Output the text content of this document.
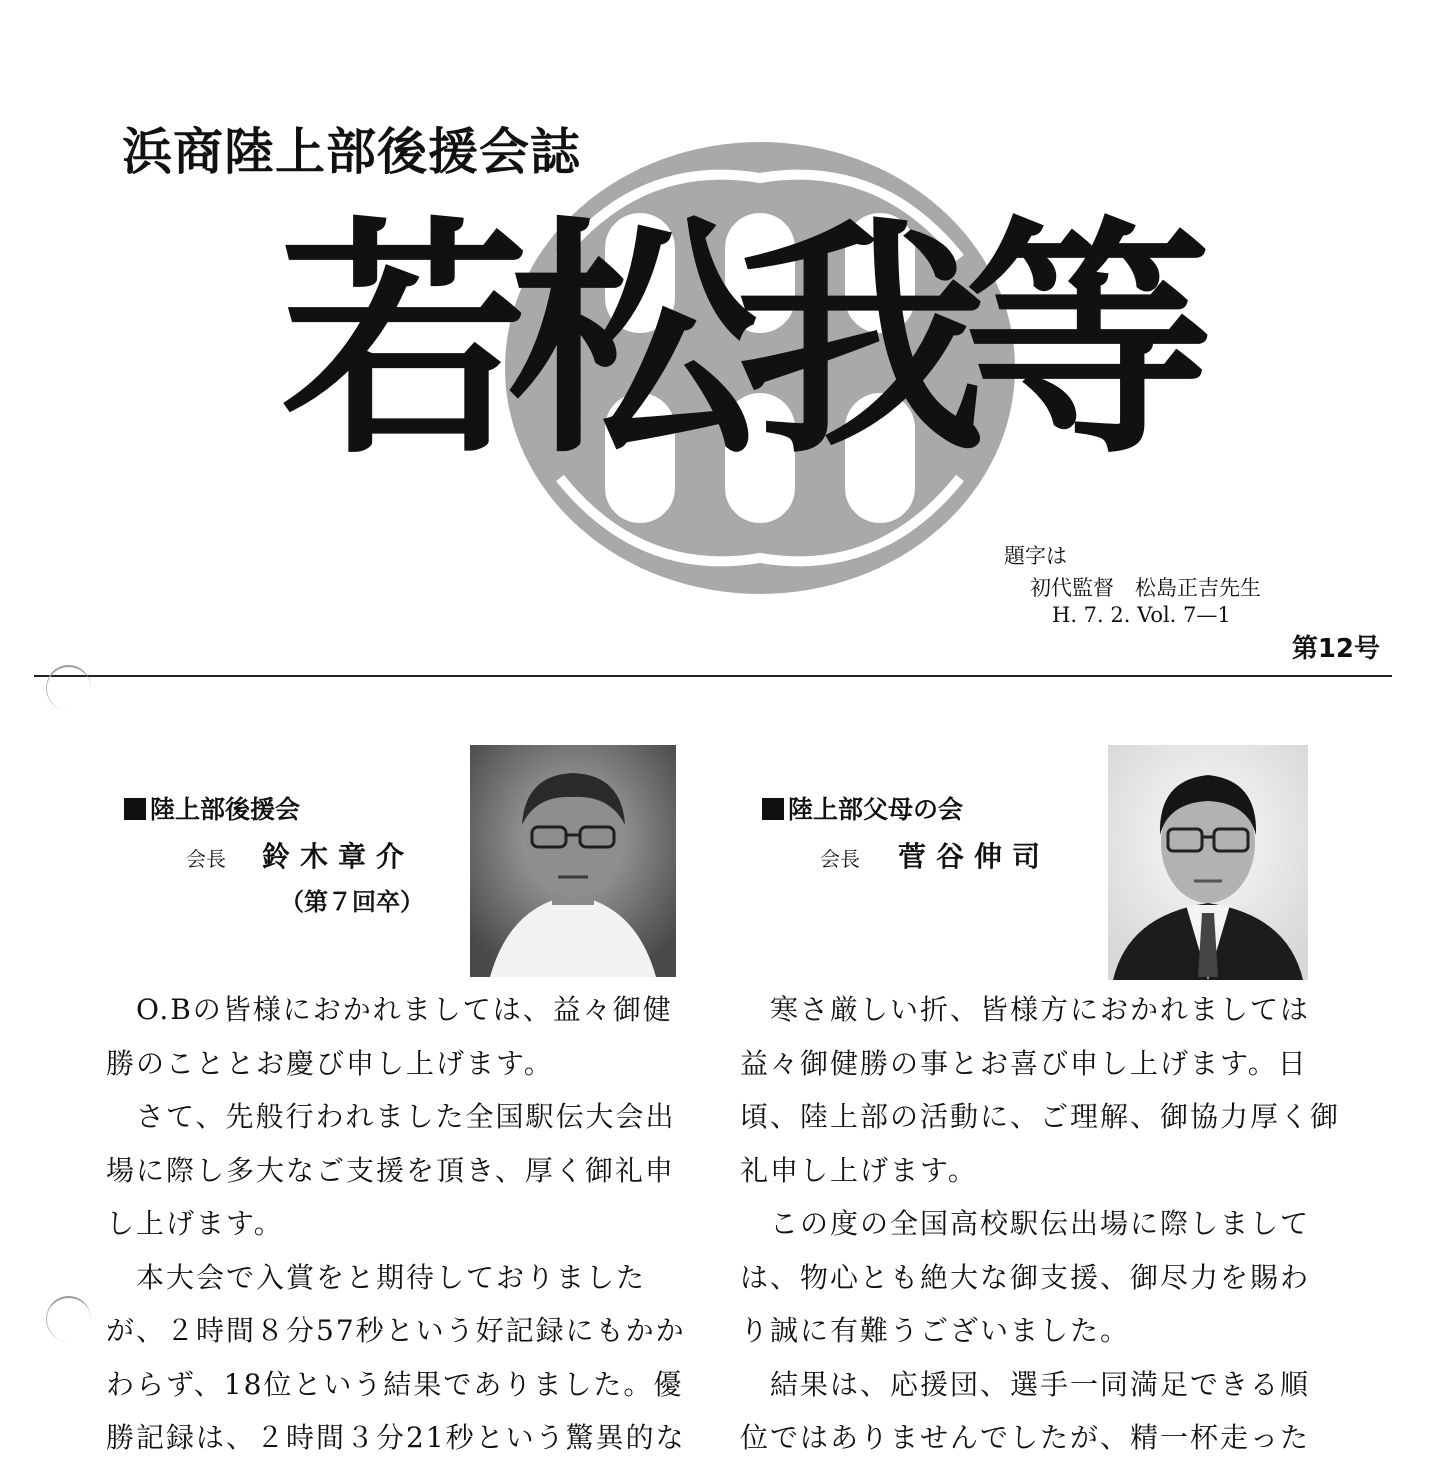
浜商陸上部後援会誌
若松我等
題字は
初代監督　松島正吉先生
H. 7. 2. Vol. 7—1
第12号
陸上部後援会
会長 鈴木章介
（第７回卒）
　O.Bの皆様におかれましては、益々御健
勝のこととお慶び申し上げます。
　さて、先般行われました全国駅伝大会出
場に際し多大なご支援を頂き、厚く御礼申
し上げます。
　本大会で入賞をと期待しておりました
が、２時間８分57秒という好記録にもかか
わらず、18位という結果でありました。優
勝記録は、２時間３分21秒という驚異的な
陸上部父母の会
会長 菅谷伸司
　寒さ厳しい折、皆様方におかれましては
益々御健勝の事とお喜び申し上げます。日
頃、陸上部の活動に、ご理解、御協力厚く御
礼申し上げます。
　この度の全国高校駅伝出場に際しまして
は、物心とも絶大な御支援、御尽力を賜わ
り誠に有難うございました。
　結果は、応援団、選手一同満足できる順
位ではありませんでしたが、精一杯走った
